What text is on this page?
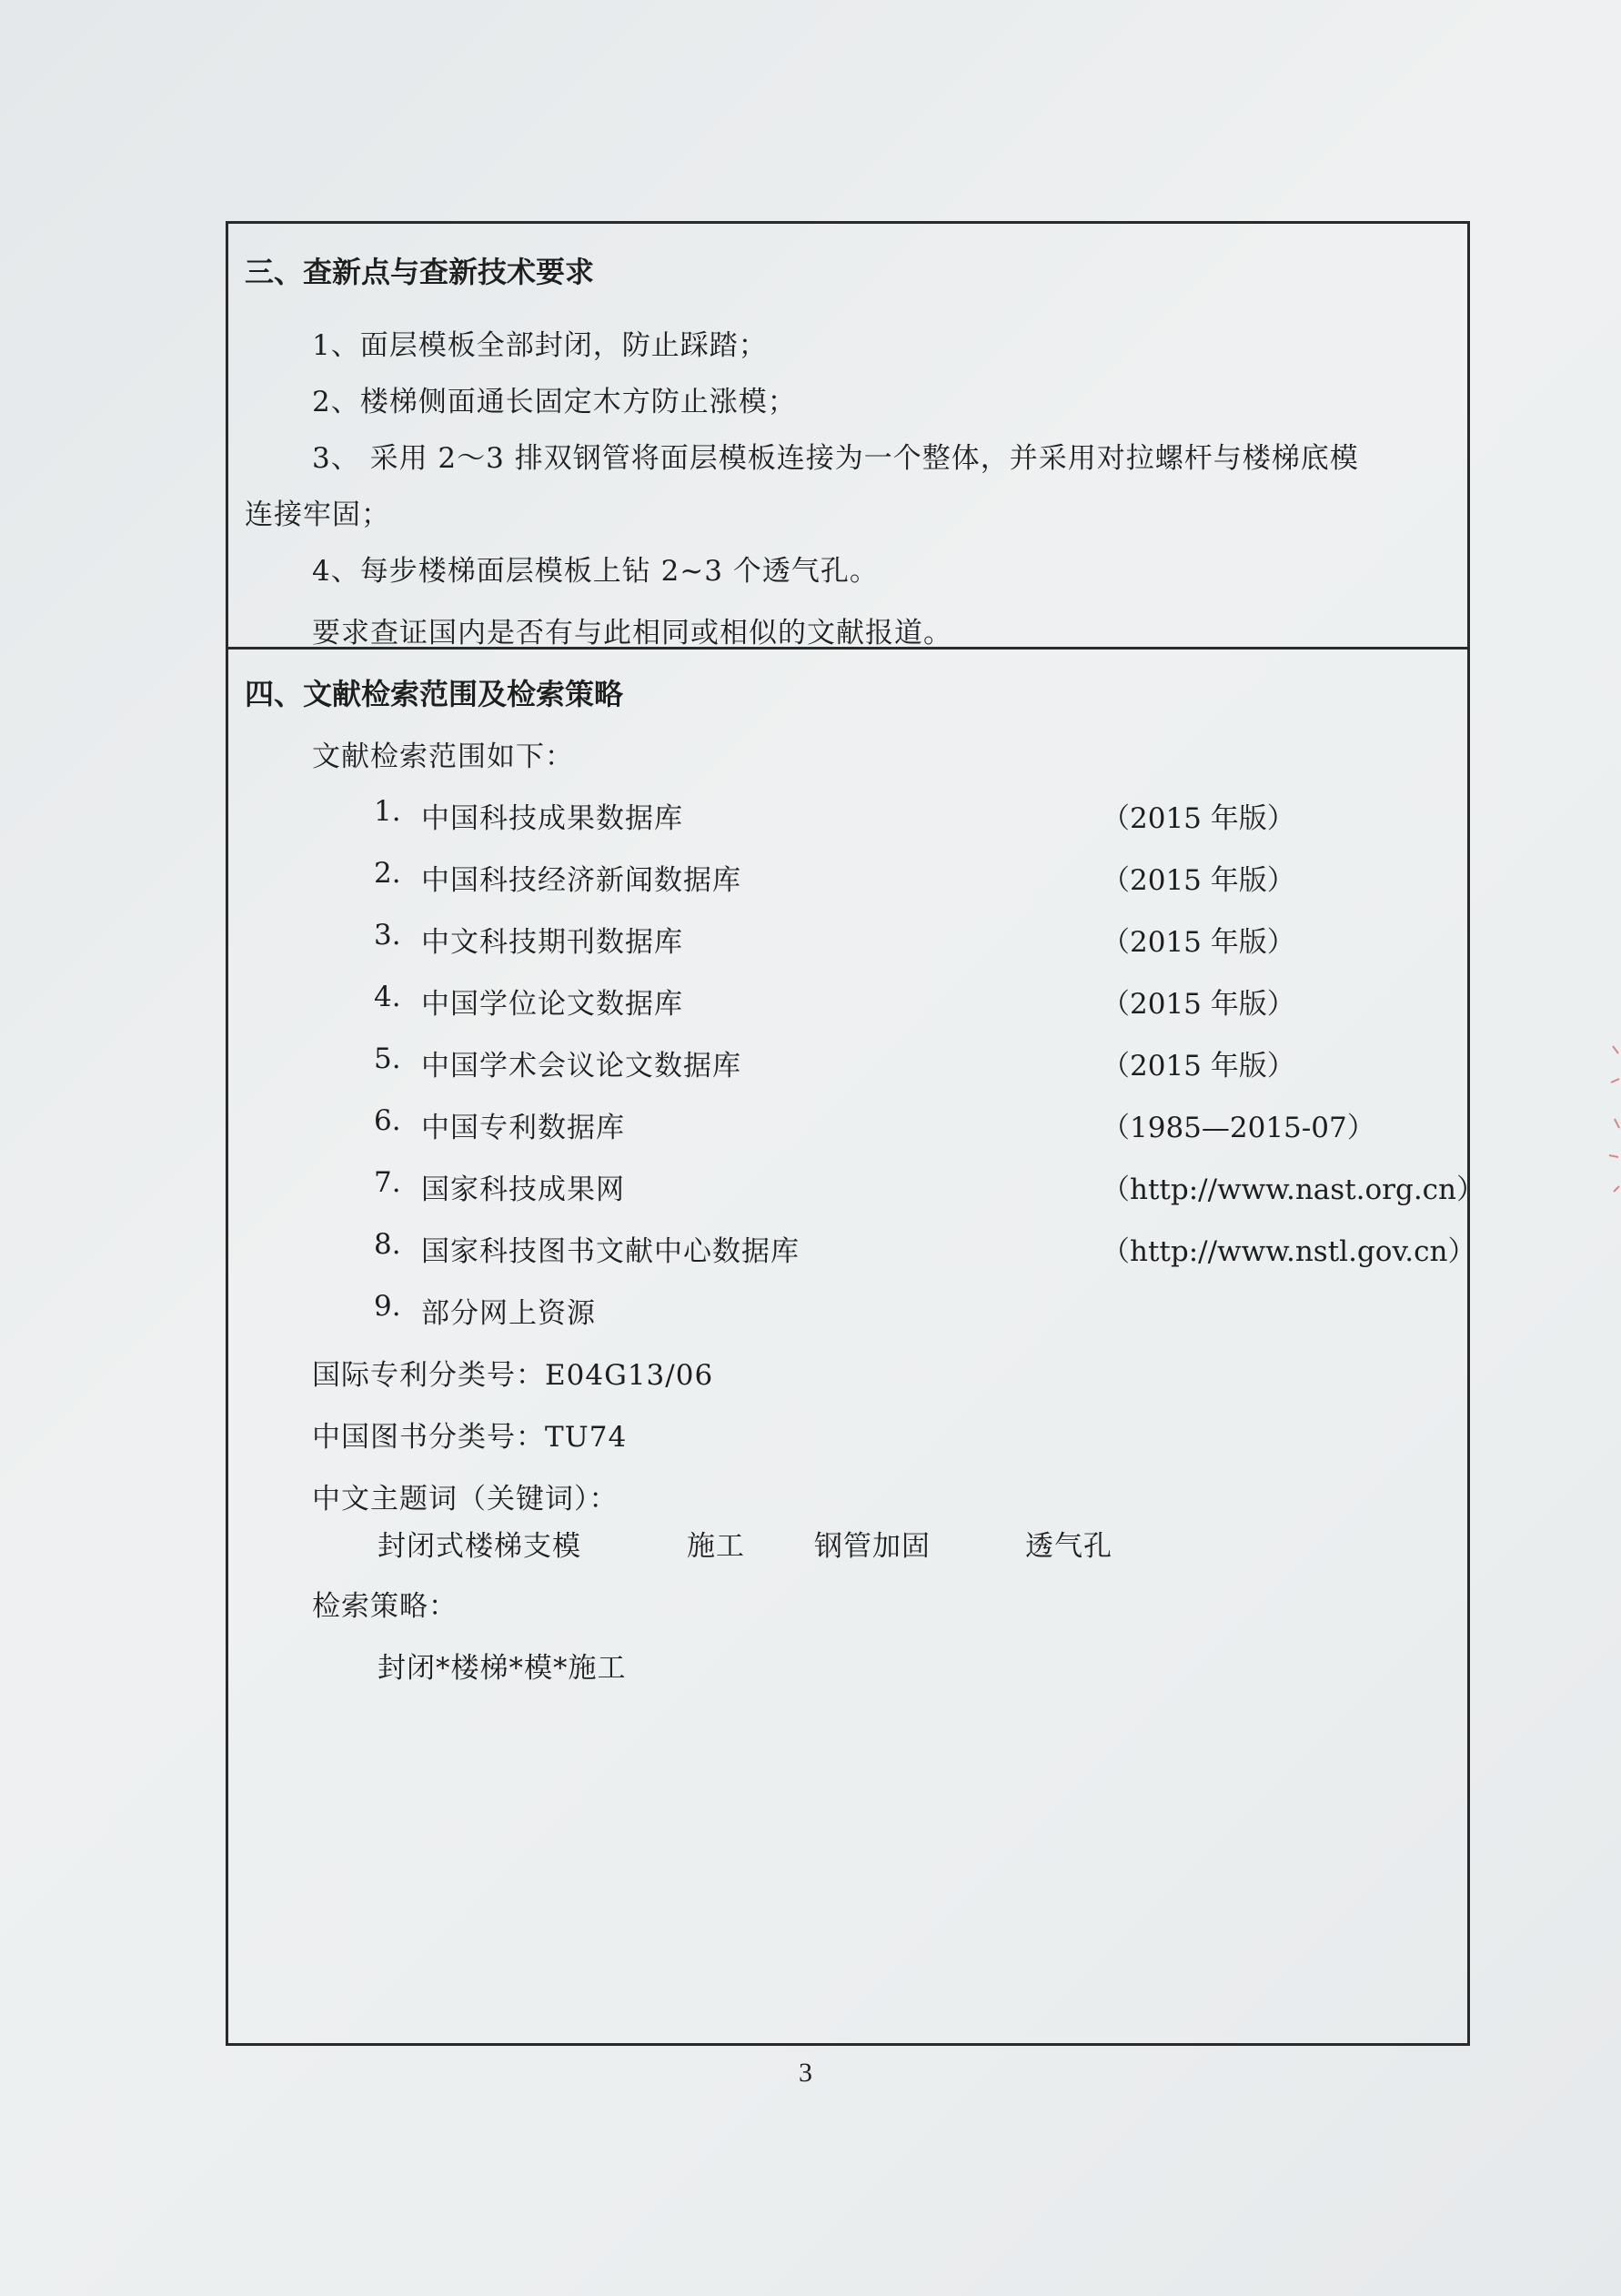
三、查新点与查新技术要求
1、面层模板全部封闭，防止踩踏；
2、楼梯侧面通长固定木方防止涨模；
3、 采用 2～3 排双钢管将面层模板连接为一个整体，并采用对拉螺杆与楼梯底模
连接牢固；
4、每步楼梯面层模板上钻 2~3 个透气孔。
要求查证国内是否有与此相同或相似的文献报道。
四、文献检索范围及检索策略
文献检索范围如下：
1. 中国科技成果数据库	（2015 年版）
2. 中国科技经济新闻数据库	（2015 年版）
3. 中文科技期刊数据库	（2015 年版）
4. 中国学位论文数据库	（2015 年版）
5. 中国学术会议论文数据库	（2015 年版）
6. 中国专利数据库	（1985—2015-07）
7. 国家科技成果网	（http://www.nast.org.cn）
8. 国家科技图书文献中心数据库	（http://www.nstl.gov.cn）
9. 部分网上资源
国际专利分类号：E04G13/06
中国图书分类号：TU74
中文主题词（关键词）：
封闭式楼梯支模	施工 钢管加固	透气孔
检索策略：
封闭*楼梯*模*施工
3
